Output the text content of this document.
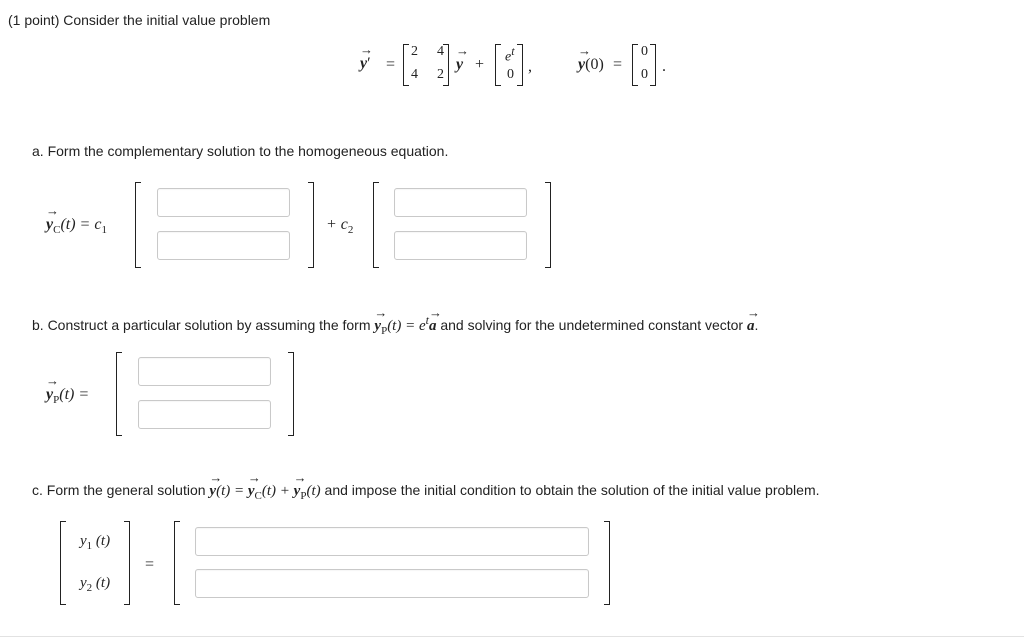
(1 point) Consider the initial value problem
→
y′ =
2 4
4 2
→
$y + e^t$
0 ,
→
y(0) =
0
0 .
a. Form the complementary solution to the homogeneous equation.
→
$y_C(t) = c_1$	+ $c_2$
b. Construct a particular solution by assuming the form
→
$y_P(t) = e^t$ →
a and solving for the undetermined constant vector
→
a.
→
$y_P(t)$ =
c. Form the general solution
→
y(t) =
→
$y_C(t)$ +
→
$y_P(t)$ and impose the initial condition to obtain the solution of the initial value problem.
$y_1$ (t)
$y_2$ (t)
=
